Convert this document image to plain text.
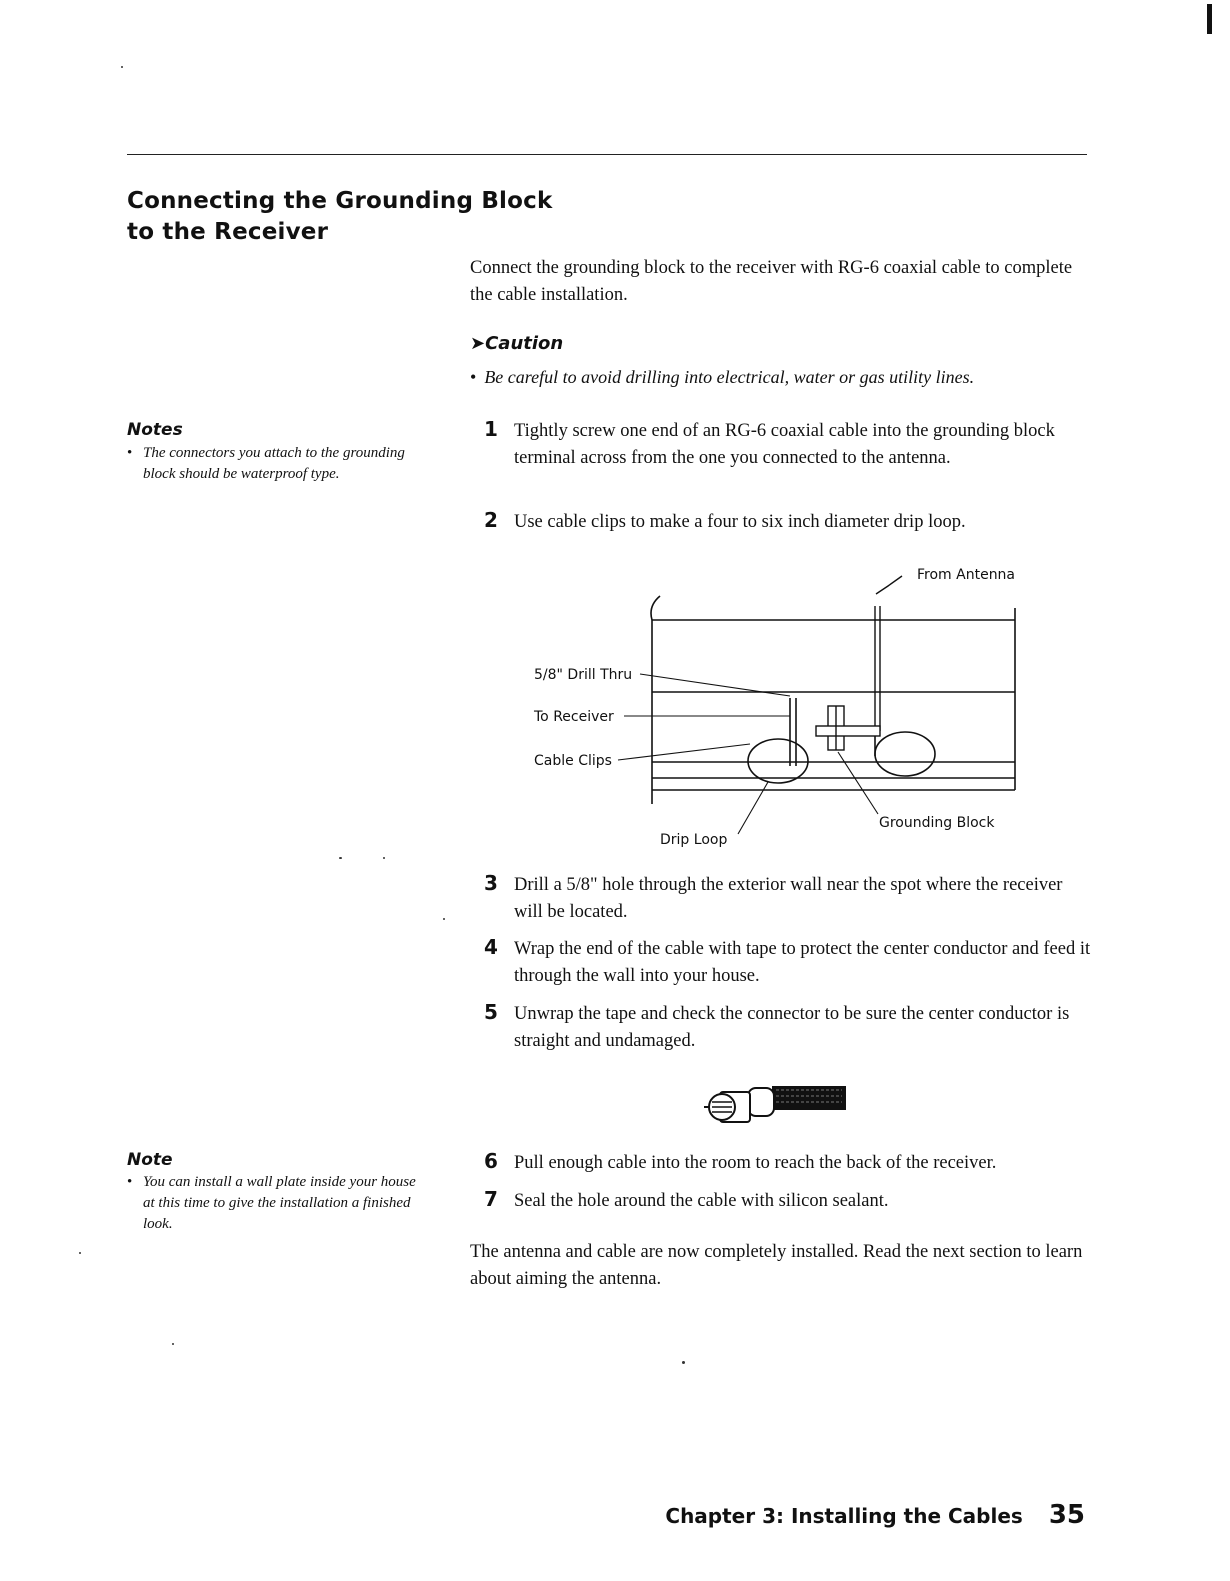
Connecting the Grounding Block
to the Receiver
Connect the grounding block to the receiver with RG-6 coaxial cable to complete the cable installation.
➤Caution
• Be careful to avoid drilling into electrical, water or gas utility lines.
1 Tightly screw one end of an RG-6 coaxial cable into the grounding block terminal across from the one you connected to the antenna.
2 Use cable clips to make a four to six inch diameter drip loop.
Notes
• The connectors you attach to the grounding block should be waterproof type.
From Antenna
5/8" Drill Thru
To Receiver
Cable Clips
Drip Loop
Grounding Block
3 Drill a 5/8" hole through the exterior wall near the spot where the receiver will be located.
4 Wrap the end of the cable with tape to protect the center conductor and feed it through the wall into your house.
5 Unwrap the tape and check the connector to be sure the center conductor is straight and undamaged.
Note
• You can install a wall plate inside your house at this time to give the installation a finished look.
6 Pull enough cable into the room to reach the back of the receiver.
7 Seal the hole around the cable with silicon sealant.
The antenna and cable are now completely installed. Read the next section to learn about aiming the antenna.
Chapter 3: Installing the Cables 35
